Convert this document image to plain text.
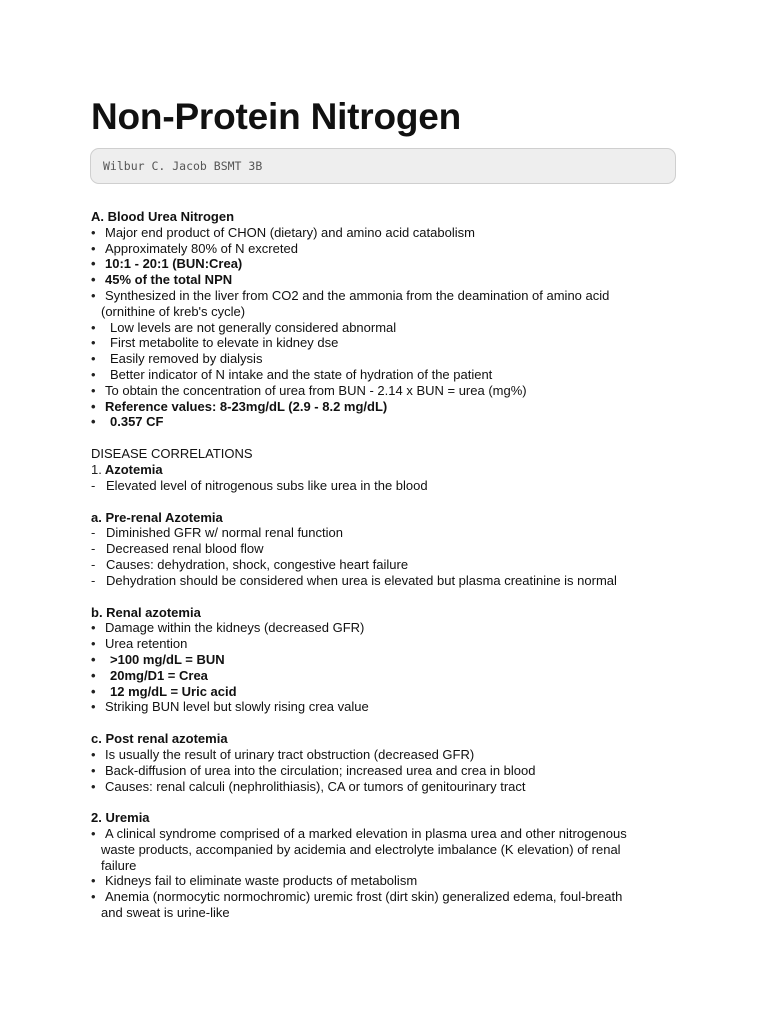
Non-Protein Nitrogen
Wilbur C. Jacob BSMT 3B
A. Blood Urea Nitrogen
• Major end product of CHON (dietary) and amino acid catabolism
• Approximately 80% of N excreted
• 10:1 - 20:1 (BUN:Crea)
• 45% of the total NPN
• Synthesized in the liver from CO2 and the ammonia from the deamination of amino acid
(ornithine of kreb's cycle)
•	Low levels are not generally considered abnormal
•	First metabolite to elevate in kidney dse
•	Easily removed by dialysis
•	Better indicator of N intake and the state of hydration of the patient
• To obtain the concentration of urea from BUN - 2.14 x BUN = urea (mg%)
• Reference values: 8-23mg/dL (2.9 - 8.2 mg/dL)
•	0.357 CF
DISEASE CORRELATIONS
1. Azotemia
- Elevated level of nitrogenous subs like urea in the blood
a. Pre-renal Azotemia
- Diminished GFR w/ normal renal function
- Decreased renal blood flow
- Causes: dehydration, shock, congestive heart failure
- Dehydration should be considered when urea is elevated but plasma creatinine is normal
b. Renal azotemia
• Damage within the kidneys (decreased GFR)
• Urea retention
•	>100 mg/dL = BUN
•	20mg/D1 = Crea
•	12 mg/dL = Uric acid
• Striking BUN level but slowly rising crea value
c. Post renal azotemia
• Is usually the result of urinary tract obstruction (decreased GFR)
• Back-diffusion of urea into the circulation; increased urea and crea in blood
• Causes: renal calculi (nephrolithiasis), CA or tumors of genitourinary tract
2. Uremia
• A clinical syndrome comprised of a marked elevation in plasma urea and other nitrogenous
waste products, accompanied by acidemia and electrolyte imbalance (K elevation) of renal
failure
• Kidneys fail to eliminate waste products of metabolism
• Anemia (normocytic normochromic) uremic frost (dirt skin) generalized edema, foul-breath
and sweat is urine-like
